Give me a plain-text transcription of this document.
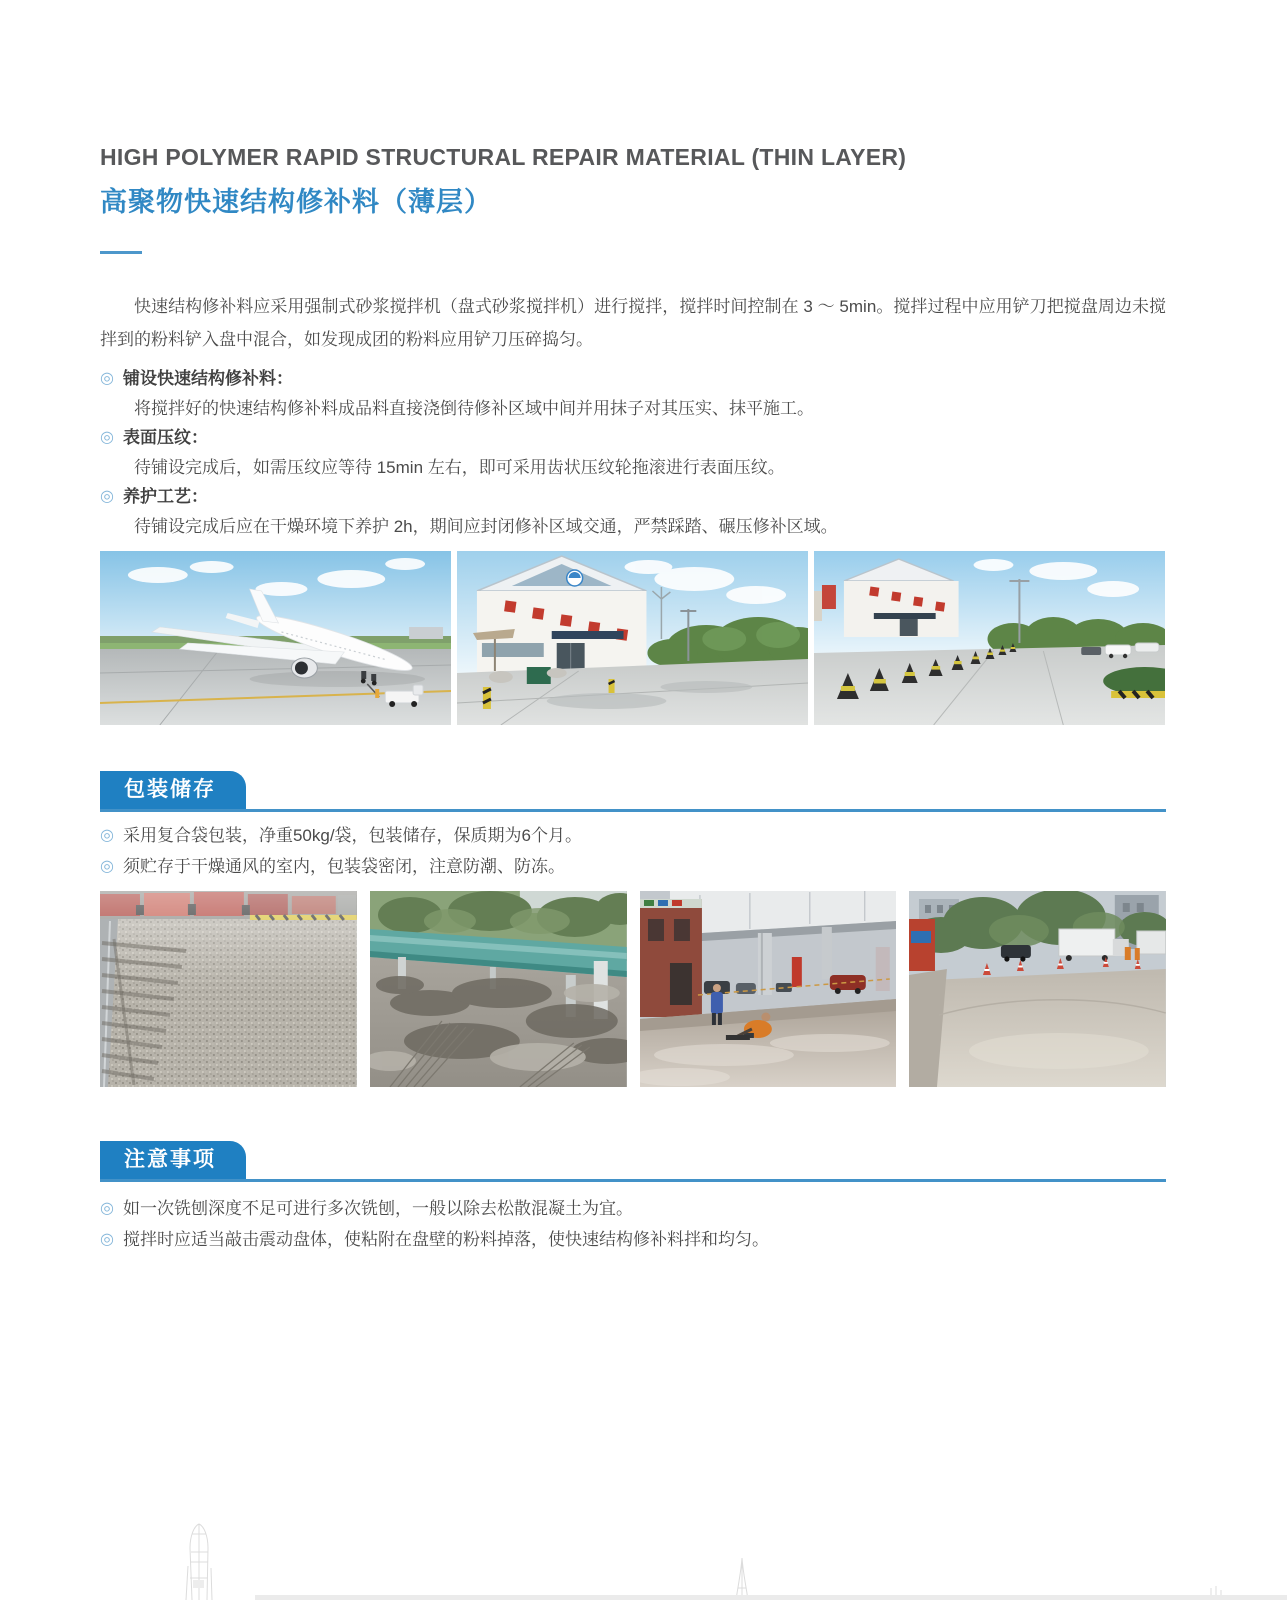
HIGH POLYMER RAPID STRUCTURAL REPAIR MATERIAL (THIN LAYER)
高聚物快速结构修补料（薄层）

快速结构修补料应采用强制式砂浆搅拌机（盘式砂浆搅拌机）进行搅拌，搅拌时间控制在 3 ～ 5min。搅拌过程中应用铲刀把搅盘周边未搅拌到的粉料铲入盘中混合，如发现成团的粉料应用铲刀压碎捣匀。

◎ 铺设快速结构修补料：
将搅拌好的快速结构修补料成品料直接浇倒待修补区域中间并用抹子对其压实、抹平施工。
◎ 表面压纹：
待铺设完成后，如需压纹应等待 15min 左右，即可采用齿状压纹轮拖滚进行表面压纹。
◎ 养护工艺：
待铺设完成后应在干燥环境下养护 2h，期间应封闭修补区域交通，严禁踩踏、碾压修补区域。
包装储存
◎ 采用复合袋包装，净重50kg/袋，包装储存，保质期为6个月。
◎ 须贮存于干燥通风的室内，包装袋密闭，注意防潮、防冻。
注意事项
◎ 如一次铣刨深度不足可进行多次铣刨，一般以除去松散混凝土为宜。
◎ 搅拌时应适当敲击震动盘体，使粘附在盘壁的粉料掉落，使快速结构修补料拌和均匀。
